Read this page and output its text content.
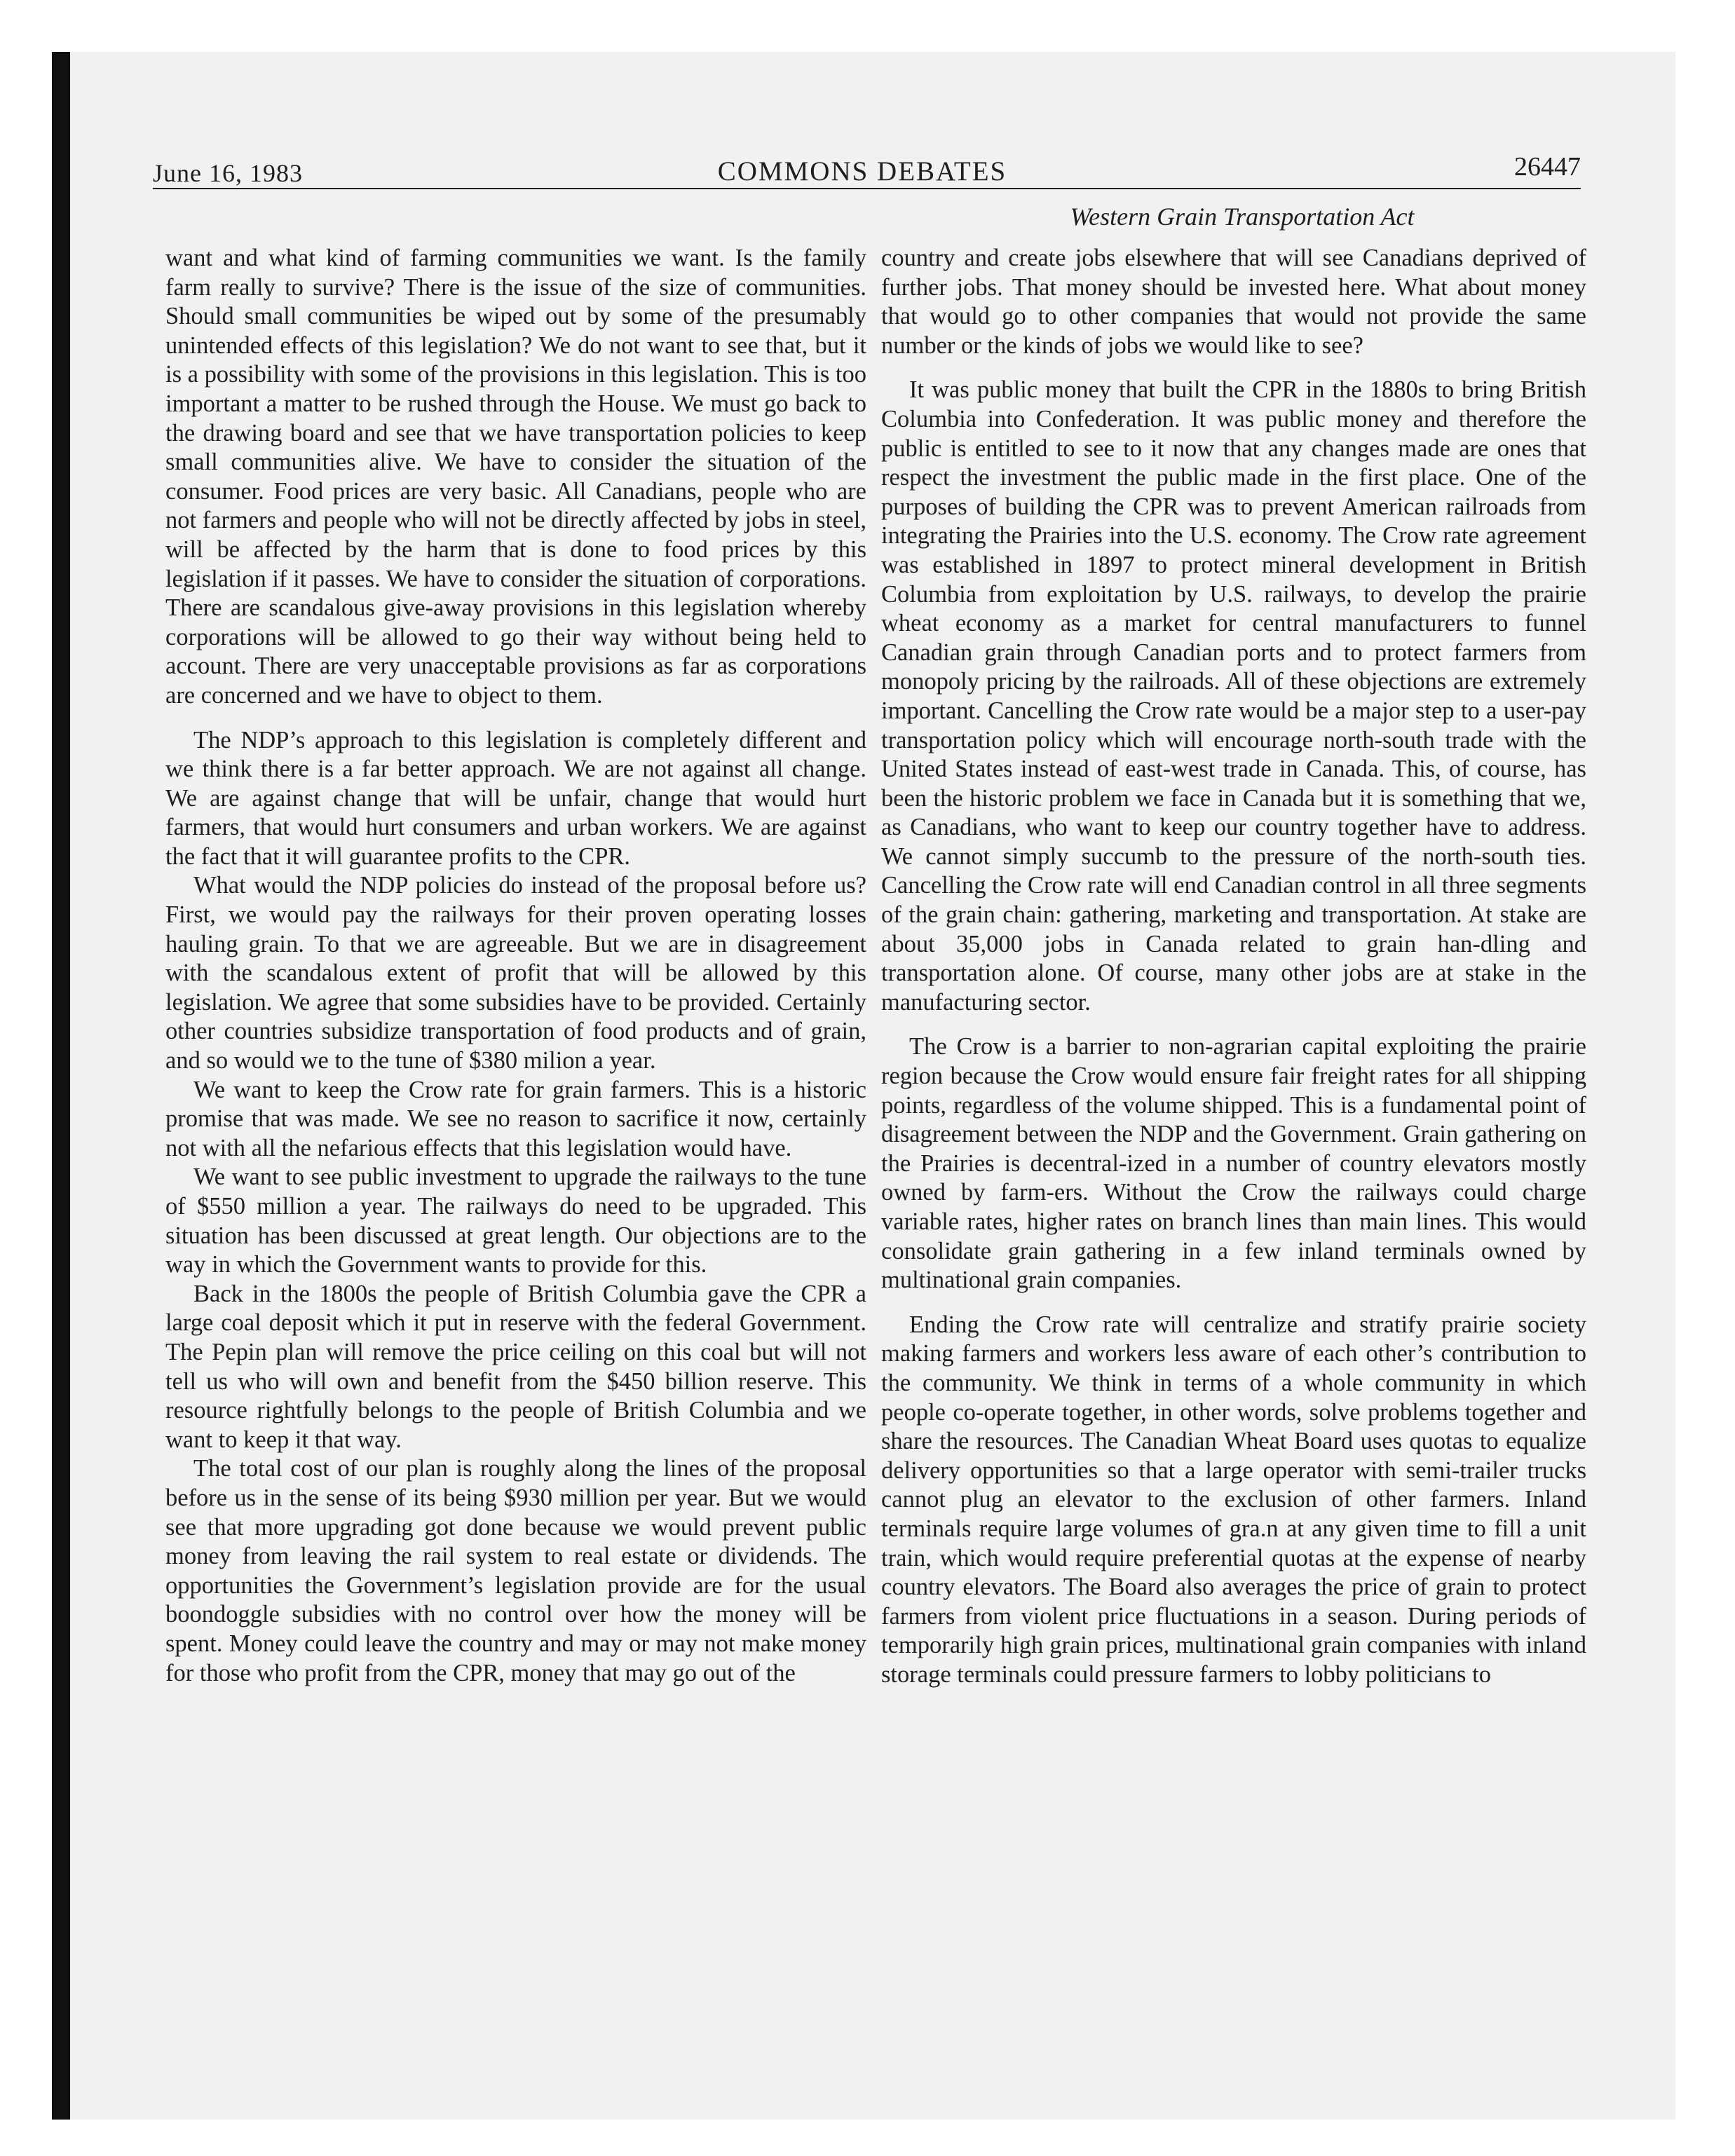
June 16, 1983	COMMONS DEBATES	26447
Western Grain Transportation Act

want and what kind of farming communities we want. Is the family farm really to survive? There is the issue of the size of communities. Should small communities be wiped out by some of the presumably unintended effects of this legislation? We do not want to see that, but it is a possibility with some of the provisions in this legislation. This is too important a matter to be rushed through the House. We must go back to the drawing board and see that we have transportation policies to keep small communities alive. We have to consider the situation of the consumer. Food prices are very basic. All Canadians, people who are not farmers and people who will not be directly affected by jobs in steel, will be affected by the harm that is done to food prices by this legislation if it passes. We have to consider the situation of corporations. There are scandalous give-away provisions in this legislation whereby corporations will be allowed to go their way without being held to account. There are very unacceptable provisions as far as corporations are concerned and we have to object to them.

The NDP’s approach to this legislation is completely different and we think there is a far better approach. We are not against all change. We are against change that will be unfair, change that would hurt farmers, that would hurt consumers and urban workers. We are against the fact that it will guarantee profits to the CPR.

What would the NDP policies do instead of the proposal before us? First, we would pay the railways for their proven operating losses hauling grain. To that we are agreeable. But we are in disagreement with the scandalous extent of profit that will be allowed by this legislation. We agree that some subsidies have to be provided. Certainly other countries subsidize transportation of food products and of grain, and so would we to the tune of $380 milion a year.

We want to keep the Crow rate for grain farmers. This is a historic promise that was made. We see no reason to sacrifice it now, certainly not with all the nefarious effects that this legislation would have.

We want to see public investment to upgrade the railways to the tune of $550 million a year. The railways do need to be upgraded. This situation has been discussed at great length. Our objections are to the way in which the Government wants to provide for this.

Back in the 1800s the people of British Columbia gave the CPR a large coal deposit which it put in reserve with the federal Government. The Pepin plan will remove the price ceiling on this coal but will not tell us who will own and benefit from the $450 billion reserve. This resource rightfully belongs to the people of British Columbia and we want to keep it that way.

The total cost of our plan is roughly along the lines of the proposal before us in the sense of its being $930 million per year. But we would see that more upgrading got done because we would prevent public money from leaving the rail system to real estate or dividends. The opportunities the Government’s legislation provide are for the usual boondoggle subsidies with no control over how the money will be spent. Money could leave the country and may or may not make money for those who profit from the CPR, money that may go out of the

country and create jobs elsewhere that will see Canadians deprived of further jobs. That money should be invested here. What about money that would go to other companies that would not provide the same number or the kinds of jobs we would like to see?

It was public money that built the CPR in the 1880s to bring British Columbia into Confederation. It was public money and therefore the public is entitled to see to it now that any changes made are ones that respect the investment the public made in the first place. One of the purposes of building the CPR was to prevent American railroads from integrating the Prairies into the U.S. economy. The Crow rate agreement was established in 1897 to protect mineral development in British Columbia from exploitation by U.S. railways, to develop the prairie wheat economy as a market for central manufacturers to funnel Canadian grain through Canadian ports and to protect farmers from monopoly pricing by the railroads. All of these objections are extremely important. Cancelling the Crow rate would be a major step to a user-pay transportation policy which will encourage north-south trade with the United States instead of east-west trade in Canada. This, of course, has been the historic problem we face in Canada but it is something that we, as Canadians, who want to keep our country together have to address. We cannot simply succumb to the pressure of the north-south ties. Cancelling the Crow rate will end Canadian control in all three segments of the grain chain: gathering, marketing and transportation. At stake are about 35,000 jobs in Canada related to grain han-dling and transportation alone. Of course, many other jobs are at stake in the manufacturing sector.

The Crow is a barrier to non-agrarian capital exploiting the prairie region because the Crow would ensure fair freight rates for all shipping points, regardless of the volume shipped. This is a fundamental point of disagreement between the NDP and the Government. Grain gathering on the Prairies is decentral-ized in a number of country elevators mostly owned by farm-ers. Without the Crow the railways could charge variable rates, higher rates on branch lines than main lines. This would consolidate grain gathering in a few inland terminals owned by multinational grain companies.

Ending the Crow rate will centralize and stratify prairie society making farmers and workers less aware of each other’s contribution to the community. We think in terms of a whole community in which people co-operate together, in other words, solve problems together and share the resources. The Canadian Wheat Board uses quotas to equalize delivery opportunities so that a large operator with semi-trailer trucks cannot plug an elevator to the exclusion of other farmers. Inland terminals require large volumes of gra.n at any given time to fill a unit train, which would require preferential quotas at the expense of nearby country elevators. The Board also averages the price of grain to protect farmers from violent price fluctuations in a season. During periods of temporarily high grain prices, multinational grain companies with inland storage terminals could pressure farmers to lobby politicians to
